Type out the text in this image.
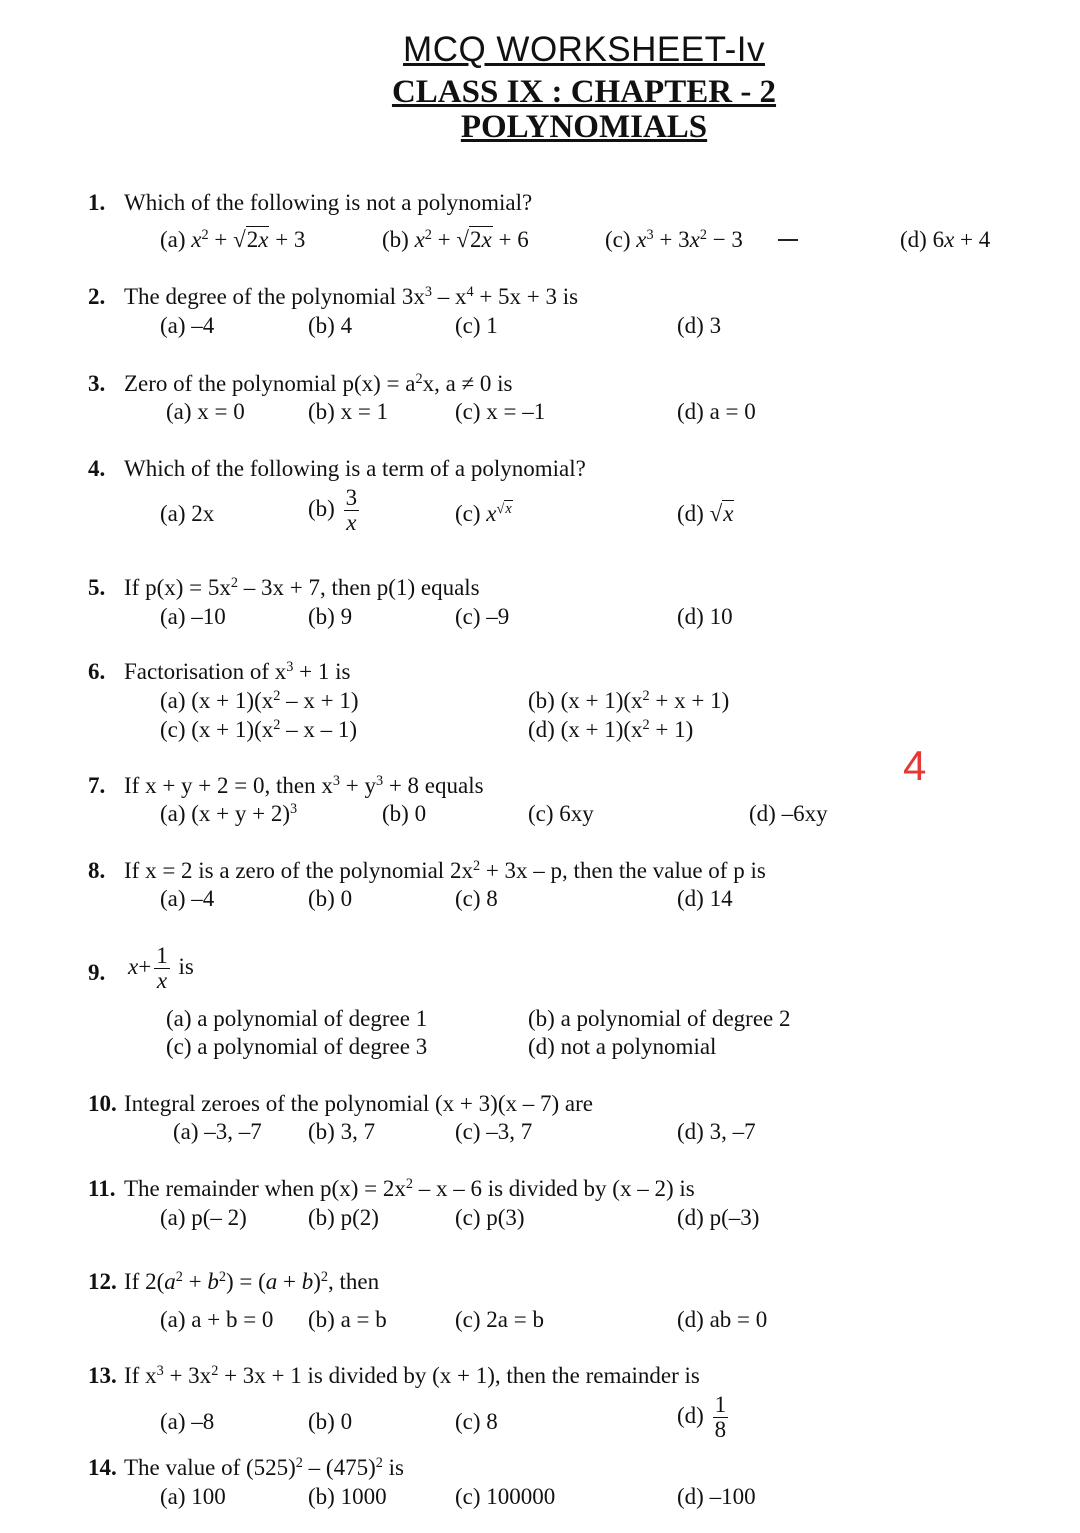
MCQ WORKSHEET-Iv
CLASS IX : CHAPTER - 2
POLYNOMIALS
4
1. Which of the following is not a polynomial?
(a) $x^2 + √2x + 3$	(b) $x^2 + √2x + 6$	(c) $x^3 + 3x^2 - 3$	(d) 6x + 4
2. The degree of the polynomial $3x^3 - x^4 + 5x + 3$ is
(a) –4	(b) 4	(c) 1	(d) 3
3. Zero of the polynomial $p(x) = a^2x$, a ≠ 0 is
(a) x = 0	(b) x = 1	(c) x = –1	(d) a = 0
4. Which of the following is a term of a polynomial?
(a) 2x	$(b) \frac{3}{x}$	(c) $x^{√x}$	(d) √x
5. If $p(x) = 5x^2 - 3x + 7$, then p(1) equals
(a) –10	(b) 9	(c) –9	(d) 10
6. Factorisation of $x^3 + 1$ is
(a) $(x + 1)(x^2 - x + 1)$	(b) $(x + 1)(x^2 + x + 1)$
(c) $(x + 1)(x^2 - x - 1)$	(d) $(x + 1)(x^2 + 1)$
7. If x + y + 2 = 0, then $x^3 + y^3 + 8$ equals
(a) $(x + y + 2)^3$	(b) 0	(c) 6xy	(d) –6xy
8. If x = 2 is a zero of the polynomial $2x^2 + 3x - p$, then the value of p is
(a) –4	(b) 0	(c) 8	(d) 14
9. $x+ \frac{1}{x}$ is
(a) a polynomial of degree 1	(b) a polynomial of degree 2
(c) a polynomial of degree 3	(d) not a polynomial
10. Integral zeroes of the polynomial (x + 3)(x – 7) are
(a) –3, –7 (b) 3, 7	(c) –3, 7	(d) 3, –7
11. The remainder when $p(x) = 2x^2 - x - 6$ is divided by (x – 2) is
(a) p(– 2)	(b) p(2)	(c) p(3)	(d) p(–3)
12. If $2(a^2 + b^2) = (a + b)^2$, then
(a) a + b = 0 (b) a = b	(c) 2a = b	(d) ab = 0
13. If $x^3 + 3x^2 + 3x + 1$ is divided by (x + 1), then the remainder is
(a) –8	(b) 0	(c) 8	$(d) \frac{1}{8}$
14. The value of $(525)^2 - (475)^2$ is
(a) 100	(b) 1000	(c) 100000	(d) –100
